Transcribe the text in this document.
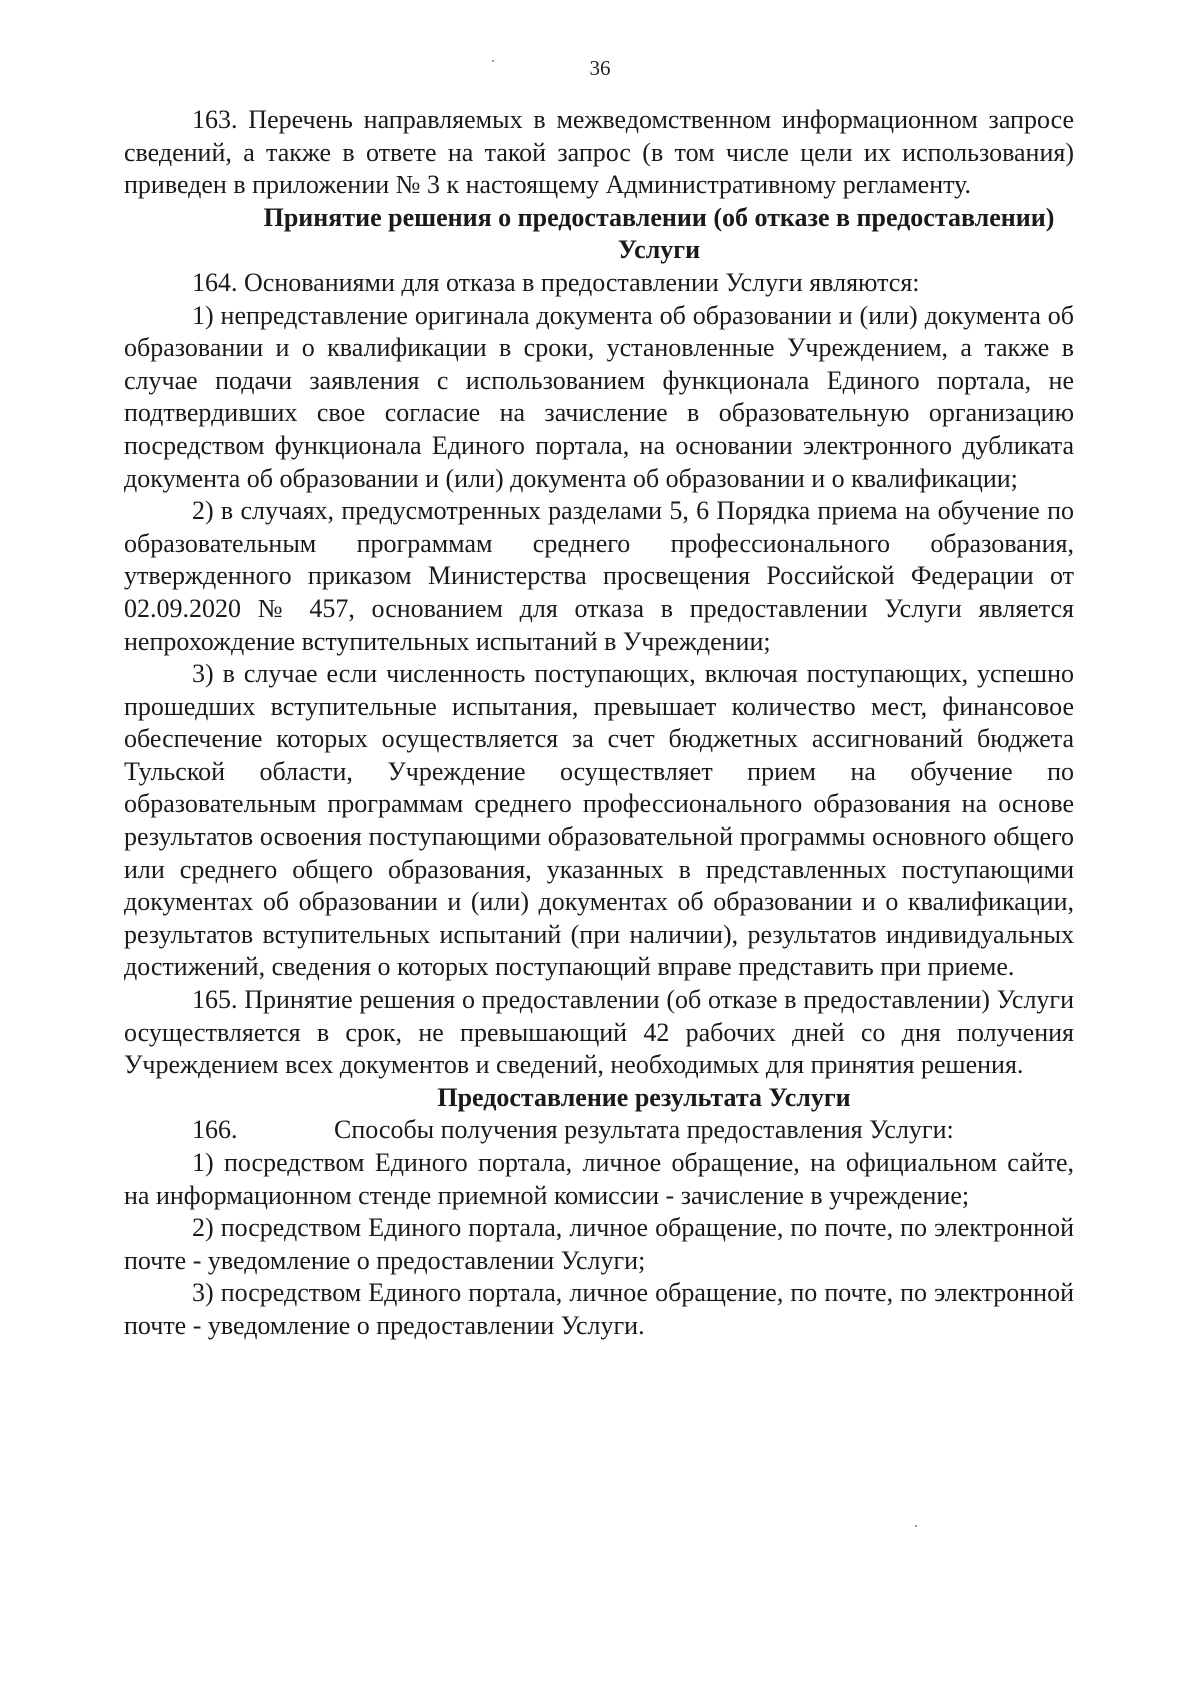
36

163. Перечень направляемых в межведомственном информационном запросе сведений, а также в ответе на такой запрос (в том числе цели их использования) приведен в приложении № 3 к настоящему Административному регламенту.

Принятие решения о предоставлении (об отказе в предоставлении)
Услуги

164. Основаниями для отказа в предоставлении Услуги являются:

1) непредставление оригинала документа об образовании и (или) документа об образовании и о квалификации в сроки, установленные Учреждением, а также в случае подачи заявления с использованием функционала Единого портала, не подтвердивших свое согласие на зачисление в образовательную организацию посредством функционала Единого портала, на основании электронного дубликата документа об образовании и (или) документа об образовании и о квалификации;

2) в случаях, предусмотренных разделами 5, 6 Порядка приема на обучение по образовательным программам среднего профессионального образования, утвержденного приказом Министерства просвещения Российской Федерации от 02.09.2020 № 457, основанием для отказа в предоставлении Услуги является непрохождение вступительных испытаний в Учреждении;

3) в случае если численность поступающих, включая поступающих, успешно прошедших вступительные испытания, превышает количество мест, финансовое обеспечение которых осуществляется за счет бюджетных ассигнований бюджета Тульской области, Учреждение осуществляет прием на обучение по образовательным программам среднего профессионального образования на основе результатов освоения поступающими образовательной программы основного общего или среднего общего образования, указанных в представленных поступающими документах об образовании и (или) документах об образовании и о квалификации, результатов вступительных испытаний (при наличии), результатов индивидуальных достижений, сведения о которых поступающий вправе представить при приеме.

165. Принятие решения о предоставлении (об отказе в предоставлении) Услуги осуществляется в срок, не превышающий 42 рабочих дней со дня получения Учреждением всех документов и сведений, необходимых для принятия решения.

Предоставление результата Услуги

166.	Способы получения результата предоставления Услуги:

1) посредством Единого портала, личное обращение, на официальном сайте, на информационном стенде приемной комиссии - зачисление в учреждение;

2) посредством Единого портала, личное обращение, по почте, по электронной почте - уведомление о предоставлении Услуги;

3) посредством Единого портала, личное обращение, по почте, по электронной почте - уведомление о предоставлении Услуги.
